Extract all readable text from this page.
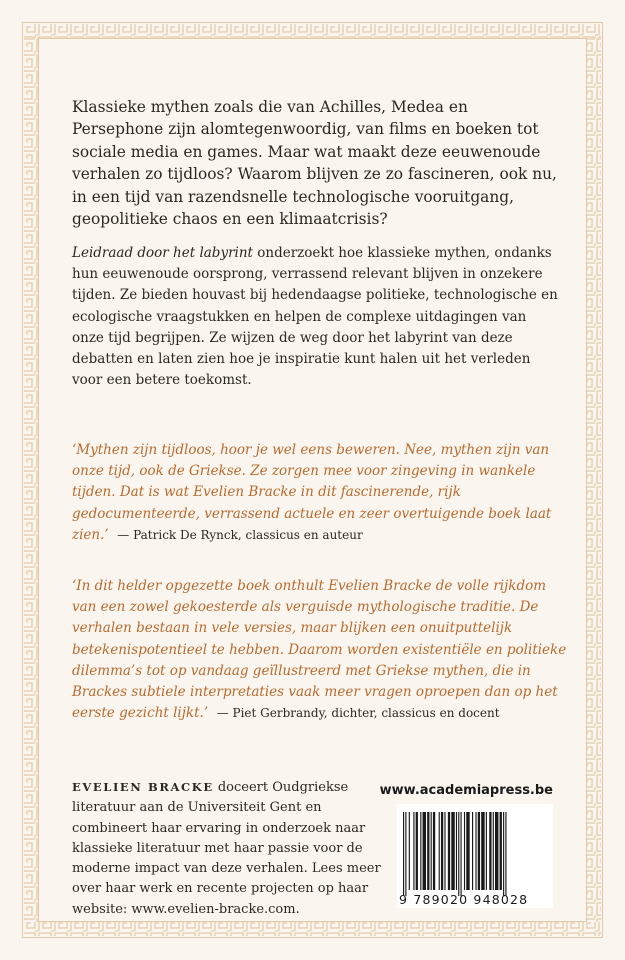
Klassieke mythen zoals die van Achilles, Medea en Persephone zijn alomtegenwoordig, van films en boeken tot sociale media en games. Maar wat maakt deze eeuwenoude verhalen zo tijdloos? Waarom blijven ze zo fascineren, ook nu, in een tijd van razendsnelle technologische vooruitgang, geopolitieke chaos en een klimaatcrisis?

Leidraad door het labyrint onderzoekt hoe klassieke mythen, ondanks hun eeuwenoude oorsprong, verrassend relevant blijven in onzekere tijden. Ze bieden houvast bij hedendaagse politieke, technologische en ecologische vraagstukken en helpen de complexe uitdagingen van onze tijd begrijpen. Ze wijzen de weg door het labyrint van deze debatten en laten zien hoe je inspiratie kunt halen uit het verleden voor een betere toekomst.

‘Mythen zijn tijdloos, hoor je wel eens beweren. Nee, mythen zijn van onze tijd, ook de Griekse. Ze zorgen mee voor zingeving in wankele tijden. Dat is wat Evelien Bracke in dit fascinerende, rijk gedocumenteerde, verrassend actuele en zeer overtuigende boek laat zien.’ — Patrick De Rynck, classicus en auteur

‘In dit helder opgezette boek onthult Evelien Bracke de volle rijkdom van een zowel gekoesterde als verguisde mythologische traditie. De verhalen bestaan in vele versies, maar blijken een onuitputtelijk betekenispotentieel te hebben. Daarom worden existentiële en politieke dilemma’s tot op vandaag geïllustreerd met Griekse mythen, die in Brackes subtiele interpretaties vaak meer vragen oproepen dan op het eerste gezicht lijkt.’ — Piet Gerbrandy, dichter, classicus en docent

EVELIEN BRACKE doceert Oudgriekse literatuur aan de Universiteit Gent en combineert haar ervaring in onderzoek naar klassieke literatuur met haar passie voor de moderne impact van deze verhalen. Lees meer over haar werk en recente projecten op haar website: www.evelien-bracke.com.

www.academiapress.be

9 789020 948028
